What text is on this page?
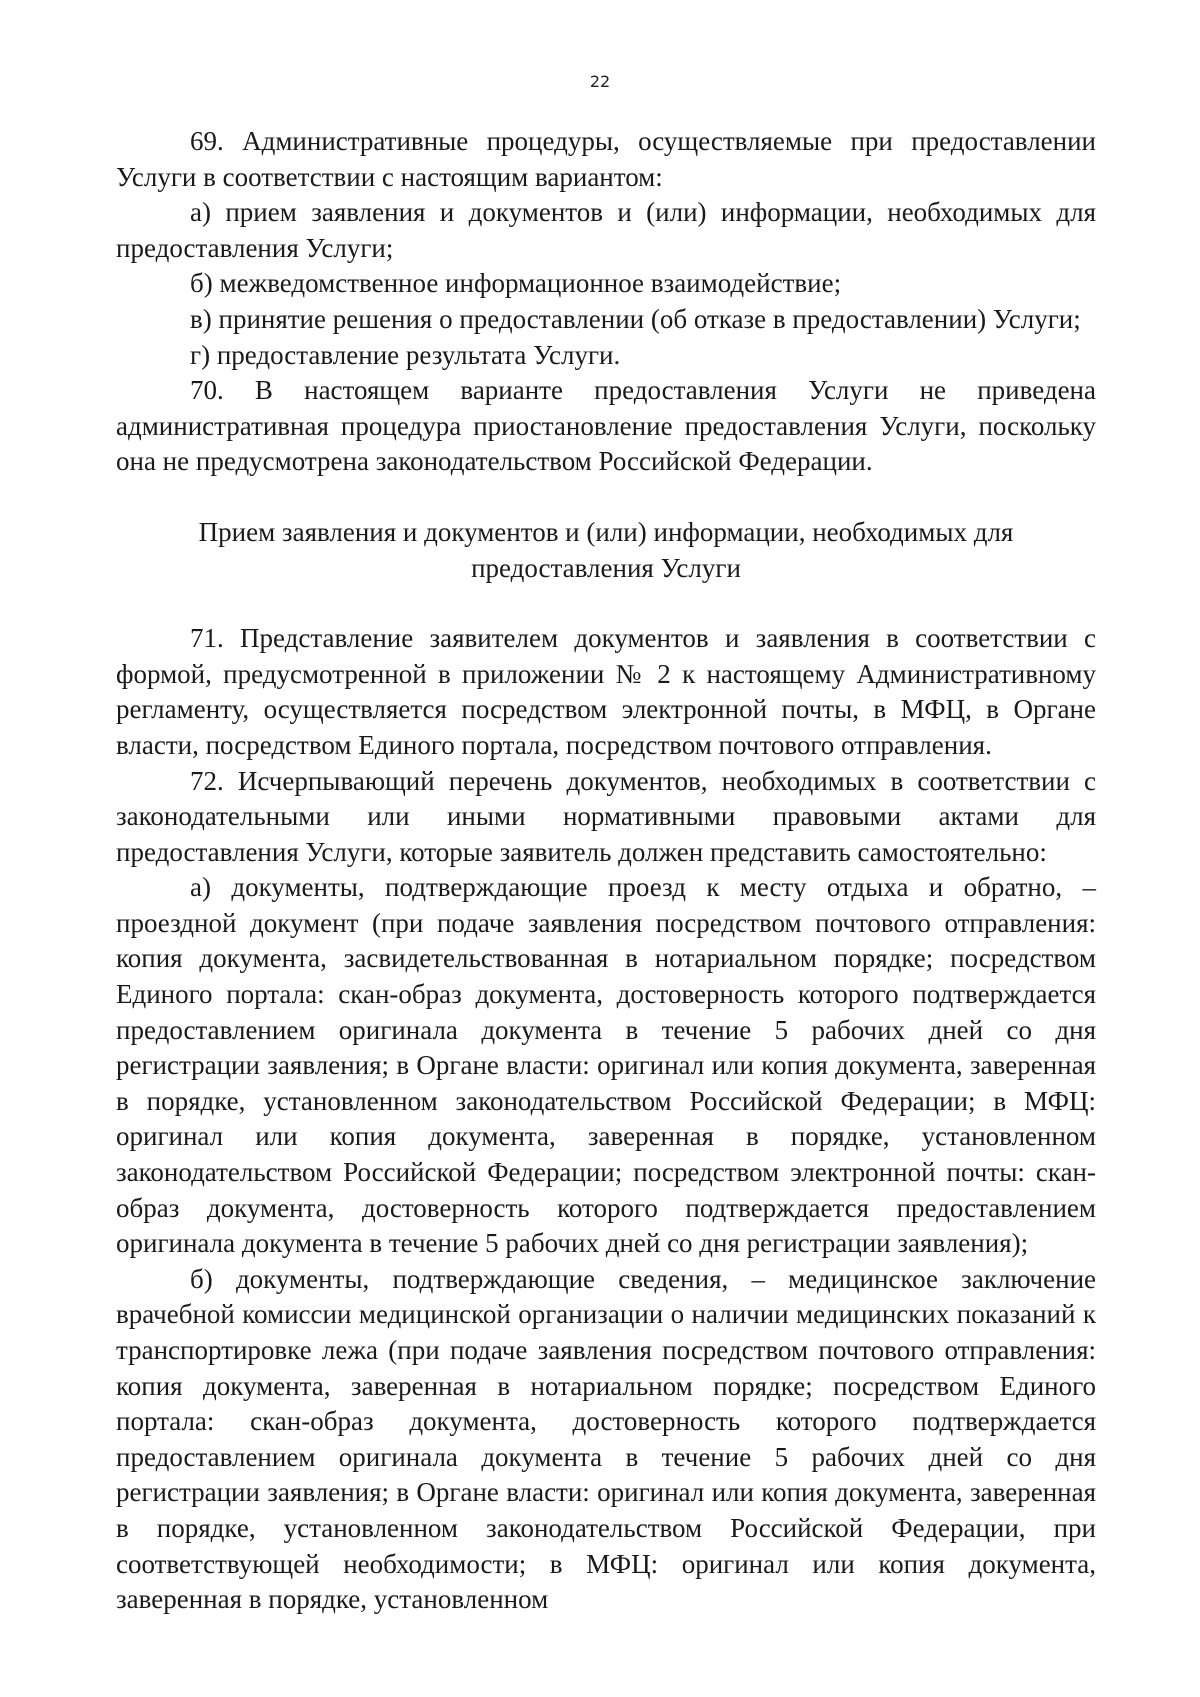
22

69. Административные процедуры, осуществляемые при предоставлении Услуги в соответствии с настоящим вариантом:

а) прием заявления и документов и (или) информации, необходимых для предоставления Услуги;

б) межведомственное информационное взаимодействие;

в) принятие решения о предоставлении (об отказе в предоставлении) Услуги;

г) предоставление результата Услуги.

70. В настоящем варианте предоставления Услуги не приведена административная процедура приостановление предоставления Услуги, поскольку она не предусмотрена законодательством Российской Федерации.

Прием заявления и документов и (или) информации, необходимых для предоставления Услуги

71. Представление заявителем документов и заявления в соответствии с формой, предусмотренной в приложении № 2 к настоящему Административному регламенту, осуществляется посредством электронной почты, в МФЦ, в Органе власти, посредством Единого портала, посредством почтового отправления.

72. Исчерпывающий перечень документов, необходимых в соответствии с законодательными или иными нормативными правовыми актами для предоставления Услуги, которые заявитель должен представить самостоятельно:

а) документы, подтверждающие проезд к месту отдыха и обратно, – проездной документ (при подаче заявления посредством почтового отправления: копия документа, засвидетельствованная в нотариальном порядке; посредством Единого портала: скан-образ документа, достоверность которого подтверждается предоставлением оригинала документа в течение 5 рабочих дней со дня регистрации заявления; в Органе власти: оригинал или копия документа, заверенная в порядке, установленном законодательством Российской Федерации; в МФЦ: оригинал или копия документа, заверенная в порядке, установленном законодательством Российской Федерации; посредством электронной почты: скан-образ документа, достоверность которого подтверждается предоставлением оригинала документа в течение 5 рабочих дней со дня регистрации заявления);

б) документы, подтверждающие сведения, – медицинское заключение врачебной комиссии медицинской организации о наличии медицинских показаний к транспортировке лежа (при подаче заявления посредством почтового отправления: копия документа, заверенная в нотариальном порядке; посредством Единого портала: скан-образ документа, достоверность которого подтверждается предоставлением оригинала документа в течение 5 рабочих дней со дня регистрации заявления; в Органе власти: оригинал или копия документа, заверенная в порядке, установленном законодательством Российской Федерации, при соответствующей необходимости; в МФЦ: оригинал или копия документа, заверенная в порядке, установленном
